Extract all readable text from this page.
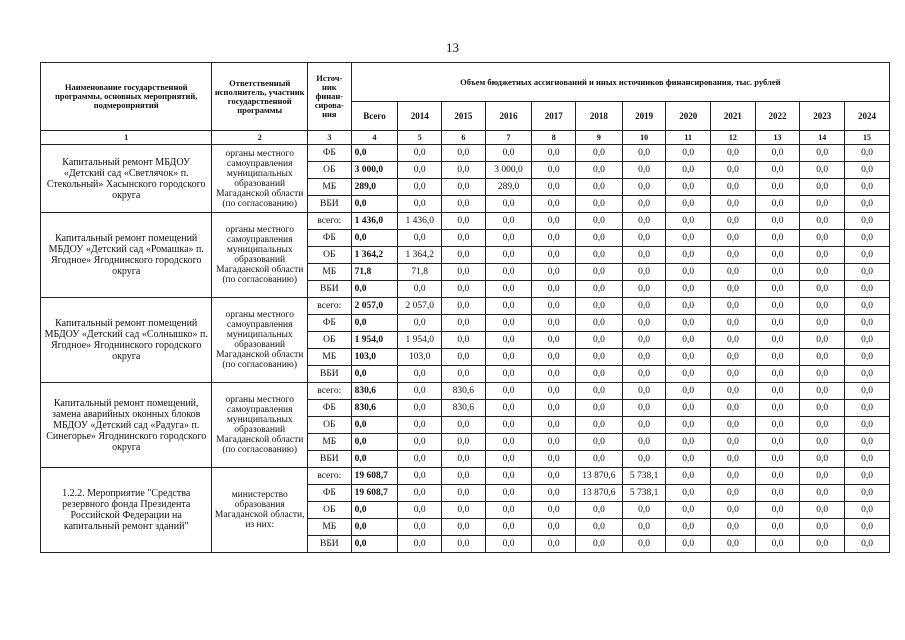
13
Наименование государственной программы, основных мероприятий, подмероприятий	Ответственный исполнитель, участник государственной программы	Источ- ник финан- сирова- ния	Объем бюджетных ассигнований и иных источников финансирования, тыс. рублей											
			Всего	2014	2015	2016	2017	2018	2019	2020	2021	2022	2023	2024
1	2	3	4	5	6	7	8	9	10	11	12	13	14	15
Капитальный ремонт МБДОУ «Детский сад «Светлячок» п. Стекольный» Хасынского городского округа	органы местного самоуправления муниципальных образований Магаданской области (по согласованию)	ФБ	0,0	0,0	0,0	0,0	0,0	0,0	0,0	0,0	0,0	0,0	0,0	0,0
		ОБ	3 000,0	0,0	0,0	3 000,0	0,0	0,0	0,0	0,0	0,0	0,0	0,0	0,0
		МБ	289,0	0,0	0,0	289,0	0,0	0,0	0,0	0,0	0,0	0,0	0,0	0,0
		ВБИ	0,0	0,0	0,0	0,0	0,0	0,0	0,0	0,0	0,0	0,0	0,0	0,0
Капитальный ремонт помещений МБДОУ «Детский сад «Ромашка» п. Ягодное» Ягоднинского городского округа	органы местного самоуправления муниципальных образований Магаданской области (по согласованию)	всего:	1 436,0	1 436,0	0,0	0,0	0,0	0,0	0,0	0,0	0,0	0,0	0,0	0,0
		ФБ	0,0	0,0	0,0	0,0	0,0	0,0	0,0	0,0	0,0	0,0	0,0	0,0
		ОБ	1 364,2	1 364,2	0,0	0,0	0,0	0,0	0,0	0,0	0,0	0,0	0,0	0,0
		МБ	71,8	71,8	0,0	0,0	0,0	0,0	0,0	0,0	0,0	0,0	0,0	0,0
		ВБИ	0,0	0,0	0,0	0,0	0,0	0,0	0,0	0,0	0,0	0,0	0,0	0,0
Капитальный ремонт помещений МБДОУ «Детский сад «Солнышко» п. Ягодное» Ягоднинского городского округа	органы местного самоуправления муниципальных образований Магаданской области (по согласованию)	всего:	2 057,0	2 057,0	0,0	0,0	0,0	0,0	0,0	0,0	0,0	0,0	0,0	0,0
		ФБ	0,0	0,0	0,0	0,0	0,0	0,0	0,0	0,0	0,0	0,0	0,0	0,0
		ОБ	1 954,0	1 954,0	0,0	0,0	0,0	0,0	0,0	0,0	0,0	0,0	0,0	0,0
		МБ	103,0	103,0	0,0	0,0	0,0	0,0	0,0	0,0	0,0	0,0	0,0	0,0
		ВБИ	0,0	0,0	0,0	0,0	0,0	0,0	0,0	0,0	0,0	0,0	0,0	0,0
Капитальный ремонт помещений, замена аварийных оконных блоков МБДОУ «Детский сад «Радуга» п. Синегорье» Ягоднинского городского округа	органы местного самоуправления муниципальных образований Магаданской области (по согласованию)	всего:	830,6	0,0	830,6	0,0	0,0	0,0	0,0	0,0	0,0	0,0	0,0	0,0
		ФБ	830,6	0,0	830,6	0,0	0,0	0,0	0,0	0,0	0,0	0,0	0,0	0,0
		ОБ	0,0	0,0	0,0	0,0	0,0	0,0	0,0	0,0	0,0	0,0	0,0	0,0
		МБ	0,0	0,0	0,0	0,0	0,0	0,0	0,0	0,0	0,0	0,0	0,0	0,0
		ВБИ	0,0	0,0	0,0	0,0	0,0	0,0	0,0	0,0	0,0	0,0	0,0	0,0
1.2.2. Мероприятие "Средства резервного фонда Президента Российской Федерации на капитальный ремонт зданий"	министерство образования Магаданской области, из них:	всего:	19 608,7	0,0	0,0	0,0	0,0	13 870,6	5 738,1	0,0	0,0	0,0	0,0	0,0
		ФБ	19 608,7	0,0	0,0	0,0	0,0	13 870,6	5 738,1	0,0	0,0	0,0	0,0	0,0
		ОБ	0,0	0,0	0,0	0,0	0,0	0,0	0,0	0,0	0,0	0,0	0,0	0,0
		МБ	0,0	0,0	0,0	0,0	0,0	0,0	0,0	0,0	0,0	0,0	0,0	0,0
		ВБИ	0,0	0,0	0,0	0,0	0,0	0,0	0,0	0,0	0,0	0,0	0,0	0,0
